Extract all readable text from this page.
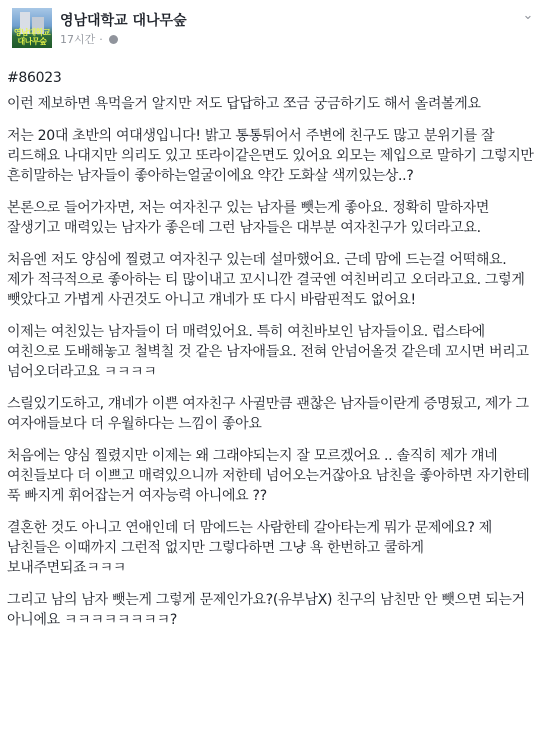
영남대학교 대나무숲
영남대학교 대나무숲
17시간 ·
⌄

#86023

이런 제보하면 욕먹을거 알지만 저도 답답하고 쪼금 궁금하기도 해서 올려볼게요

저는 20대 초반의 여대생입니다! 밝고 통통튀어서 주변에 친구도 많고 분위기를 잘 리드해요 나대지만 의리도 있고 또라이같은면도 있어요 외모는 제입으로 말하기 그렇지만 흔히말하는 남자들이 좋아하는얼굴이에요 약간 도화살 색끼있는상..?

본론으로 들어가자면, 저는 여자친구 있는 남자를 뺏는게 좋아요. 정확히 말하자면 잘생기고 매력있는 남자가 좋은데 그런 남자들은 대부분 여자친구가 있더라고요.

처음엔 저도 양심에 찔렸고 여자친구 있는데 설마했어요. 근데 맘에 드는걸 어떡해요. 제가 적극적으로 좋아하는 티 많이내고 꼬시니깐 결국엔 여친버리고 오더라고요. 그렇게 뺏았다고 가볍게 사귄것도 아니고 걔네가 또 다시 바람핀적도 없어요!

이제는 여친있는 남자들이 더 매력있어요. 특히 여친바보인 남자들이요. 럽스타에 여친으로 도배해놓고 철벽칠 것 같은 남자애들요. 전혀 안넘어올것 같은데 꼬시면 버리고 넘어오더라고요 ㅋㅋㅋㅋ

스릴있기도하고, 걔네가 이쁜 여자친구 사귈만큼 괜찮은 남자들이란게 증명됬고, 제가 그 여자애들보다 더 우월하다는 느낌이 좋아요

처음에는 양심 찔렸지만 이제는 왜 그래야되는지 잘 모르겠어요 .. 솔직히 제가 걔네 여친들보다 더 이쁘고 매력있으니까 저한테 넘어오는거잖아요 남친을 좋아하면 자기한테 푹 빠지게 휘어잡는거 여자능력 아니에요 ??

결혼한 것도 아니고 연애인데 더 맘에드는 사람한테 갈아타는게 뭐가 문제에요? 제 남친들은 이때까지 그런적 없지만 그렇다하면 그냥 욕 한번하고 쿨하게 보내주면되죠ㅋㅋㅋ

그리고 남의 남자 뺏는게 그렇게 문제인가요?(유부남X) 친구의 남친만 안 뺏으면 되는거 아니에요 ㅋㅋㅋㅋㅋㅋㅋㅋ?
